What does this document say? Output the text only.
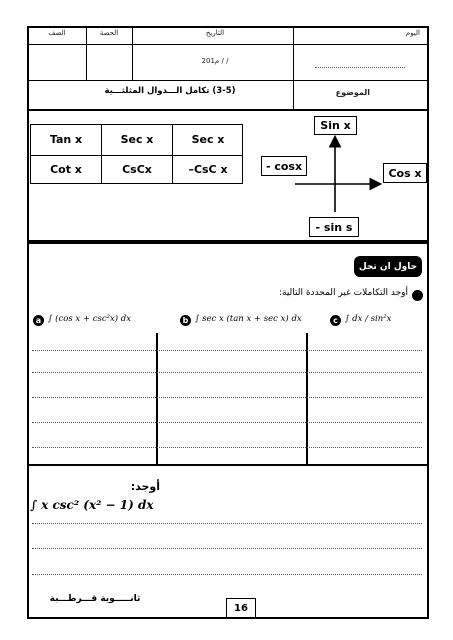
اليوم
التاريخ
الحصة
الصف
201م / /
الموضوع
(3-5) تكامل الـــدوال المثلثـــية
Tan x	Sec x	Sec x
Cot x	CsCx	–CsC x
Sin x
Cos x
- cosx
- sin s
حاول ان تحل
أوجد التكاملات غير المحددة التالية:
a ∫ (cos x + csc²x) dx	b ∫ sec x (tan x + sec x) dx	c ∫ dx / sin²x
أوجد:
∫ x csc² (x² − 1) dx
ثانـــــوية قـــرطـــبة
16
